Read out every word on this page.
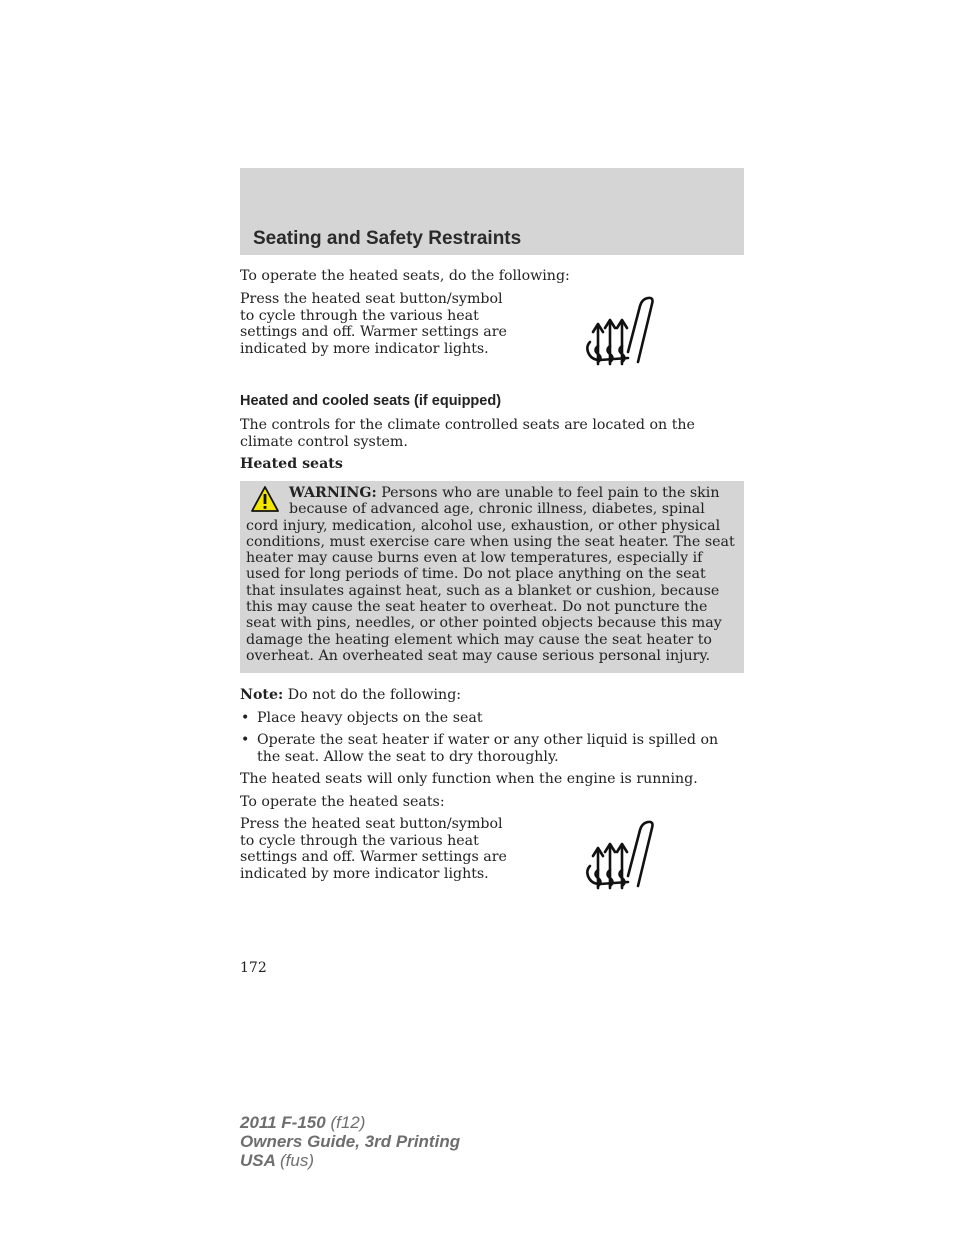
Seating and Safety Restraints

To operate the heated seats, do the following:

Press the heated seat button/symbol
to cycle through the various heat
settings and off. Warmer settings are
indicated by more indicator lights.

Heated and cooled seats (if equipped)

The controls for the climate controlled seats are located on the climate control system.

Heated seats

WARNING: Persons who are unable to feel pain to the skin because of advanced age, chronic illness, diabetes, spinal cord injury, medication, alcohol use, exhaustion, or other physical conditions, must exercise care when using the seat heater. The seat heater may cause burns even at low temperatures, especially if used for long periods of time. Do not place anything on the seat that insulates against heat, such as a blanket or cushion, because this may cause the seat heater to overheat. Do not puncture the seat with pins, needles, or other pointed objects because this may damage the heating element which may cause the seat heater to overheat. An overheated seat may cause serious personal injury.

Note: Do not do the following:

• Place heavy objects on the seat
• Operate the seat heater if water or any other liquid is spilled on the seat. Allow the seat to dry thoroughly.

The heated seats will only function when the engine is running.

To operate the heated seats:

Press the heated seat button/symbol
to cycle through the various heat
settings and off. Warmer settings are
indicated by more indicator lights.

172

2011 F-150 (f12)
Owners Guide, 3rd Printing
USA (fus)
